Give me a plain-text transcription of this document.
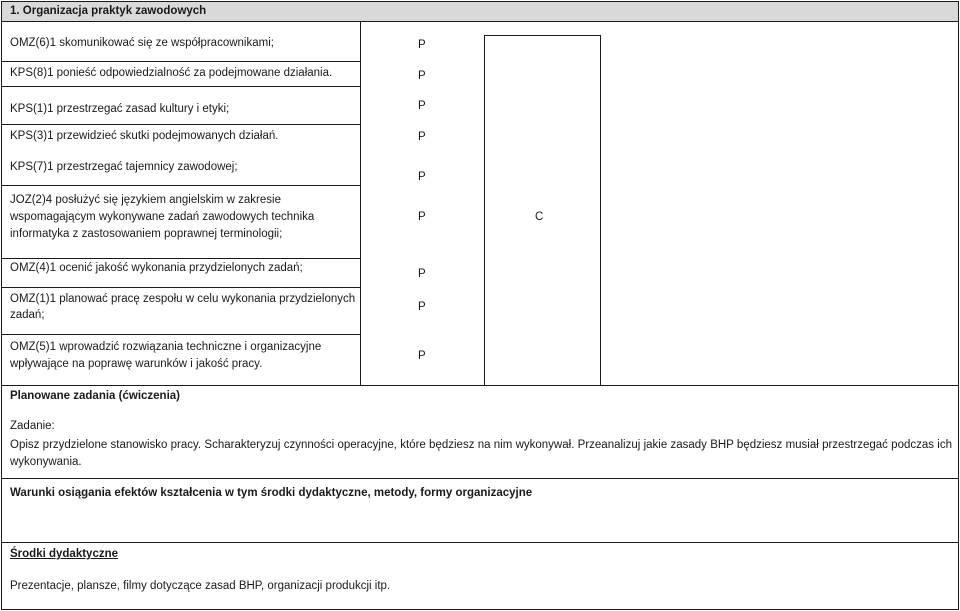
1. Organizacja praktyk zawodowych
OMZ(6)1 skomunikować się ze współpracownikami;
KPS(8)1 ponieść odpowiedzialność za podejmowane działania.
KPS(1)1 przestrzegać zasad kultury i etyki;
KPS(3)1 przewidzieć skutki podejmowanych działań.
KPS(7)1 przestrzegać tajemnicy zawodowej;
JOZ(2)4 posłużyć się językiem angielskim w zakresie
wspomagającym wykonywane zadań zawodowych technika
informatyka z zastosowaniem poprawnej terminologii;
OMZ(4)1 ocenić jakość wykonania przydzielonych zadań;
OMZ(1)1 planować pracę zespołu w celu wykonania przydzielonych
zadań;
OMZ(5)1 wprowadzić rozwiązania techniczne i organizacyjne
wpływające na poprawę warunków i jakość pracy.
P
P
P
P
P
P
P
P
P
C
Planowane zadania (ćwiczenia)
Zadanie:
Opisz przydzielone stanowisko pracy. Scharakteryzuj czynności operacyjne, które będziesz na nim wykonywał. Przeanalizuj jakie zasady BHP będziesz musiał przestrzegać podczas ich wykonywania.
Warunki osiągania efektów kształcenia w tym środki dydaktyczne, metody, formy organizacyjne
Środki dydaktyczne
Prezentacje, plansze, filmy dotyczące zasad BHP, organizacji produkcji itp.
